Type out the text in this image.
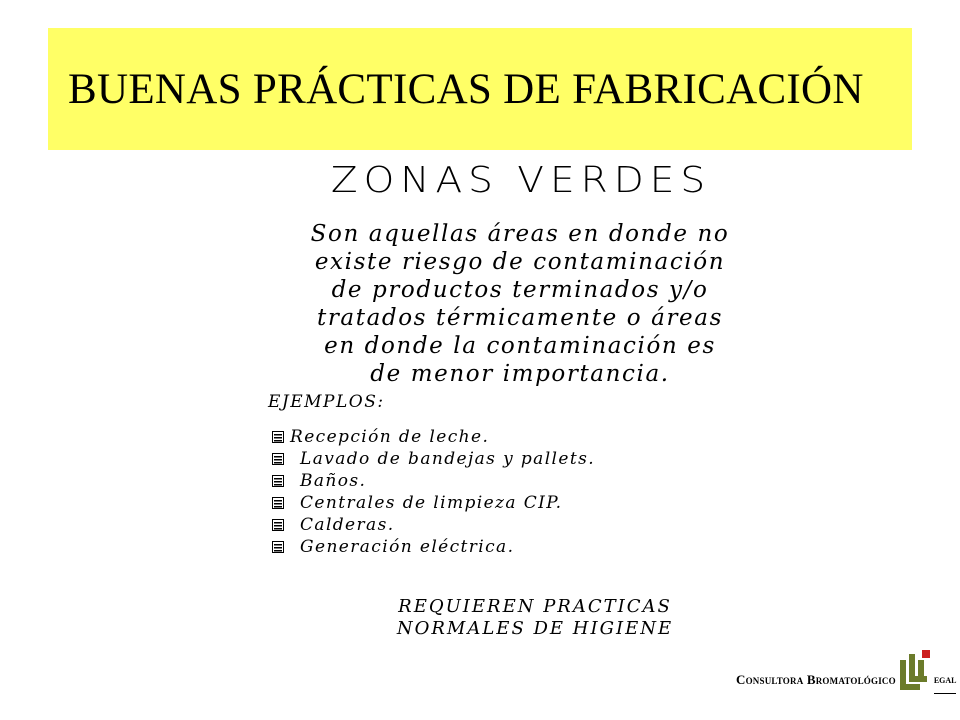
BUENAS PRÁCTICAS DE FABRICACIÓN
ZONAS VERDES
Son aquellas áreas en donde no
existe riesgo de contaminación
de productos terminados y/o
tratados térmicamente o áreas
en donde la contaminación es
de menor importancia.
EJEMPLOS:
Recepción de leche.
Lavado de bandejas y pallets.
Baños.
Centrales de limpieza CIP.
Calderas.
Generación eléctrica.
REQUIEREN PRACTICAS
NORMALES DE HIGIENE
Consultora Bromatológico	egal
